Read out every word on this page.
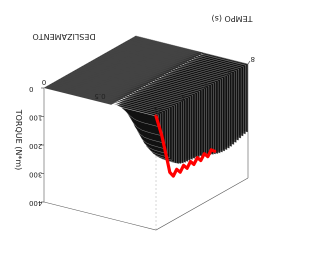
0
100
200
300
400
0
2
4
6
8
0
0.5
1
TEMPO (s)
DESLIZAMENTO
TORQUE (N*m)
